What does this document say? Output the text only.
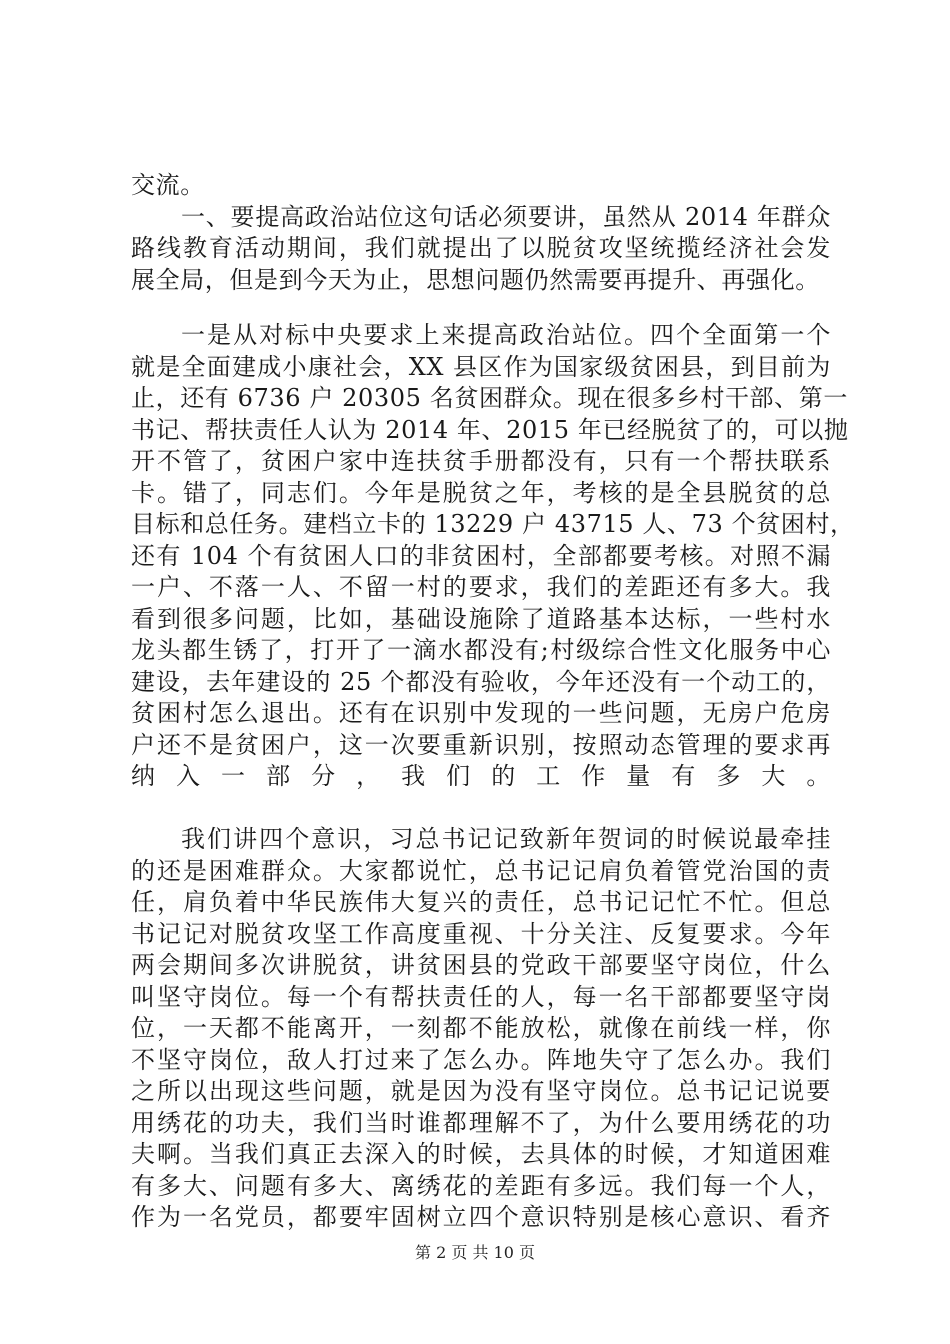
交流。
一、要提高政治站位这句话必须要讲，虽然从 2014 年群众
路线教育活动期间，我们就提出了以脱贫攻坚统揽经济社会发
展全局，但是到今天为止，思想问题仍然需要再提升、再强化。
一是从对标中央要求上来提高政治站位。四个全面第一个
就是全面建成小康社会，XX 县区作为国家级贫困县，到目前为
止，还有 6736 户 20305 名贫困群众。现在很多乡村干部、第一
书记、帮扶责任人认为 2014 年、2015 年已经脱贫了的，可以抛
开不管了，贫困户家中连扶贫手册都没有，只有一个帮扶联系
卡。错了，同志们。今年是脱贫之年，考核的是全县脱贫的总
目标和总任务。建档立卡的 13229 户 43715 人、73 个贫困村，
还有 104 个有贫困人口的非贫困村，全部都要考核。对照不漏
一户、不落一人、不留一村的要求，我们的差距还有多大。我
看到很多问题，比如，基础设施除了道路基本达标，一些村水
龙头都生锈了，打开了一滴水都没有;村级综合性文化服务中心
建设，去年建设的 25 个都没有验收，今年还没有一个动工的，
贫困村怎么退出。还有在识别中发现的一些问题，无房户危房
户还不是贫困户，这一次要重新识别，按照动态管理的要求再
纳入一部分，我们的工作量有多大。
我们讲四个意识，习总书记记致新年贺词的时候说最牵挂
的还是困难群众。大家都说忙，总书记记肩负着管党治国的责
任，肩负着中华民族伟大复兴的责任，总书记记忙不忙。但总
书记记对脱贫攻坚工作高度重视、十分关注、反复要求。今年
两会期间多次讲脱贫，讲贫困县的党政干部要坚守岗位，什么
叫坚守岗位。每一个有帮扶责任的人，每一名干部都要坚守岗
位，一天都不能离开，一刻都不能放松，就像在前线一样，你
不坚守岗位，敌人打过来了怎么办。阵地失守了怎么办。我们
之所以出现这些问题，就是因为没有坚守岗位。总书记记说要
用绣花的功夫，我们当时谁都理解不了，为什么要用绣花的功
夫啊。当我们真正去深入的时候，去具体的时候，才知道困难
有多大、问题有多大、离绣花的差距有多远。我们每一个人，
作为一名党员，都要牢固树立四个意识特别是核心意识、看齐
第 2 页 共 10 页
